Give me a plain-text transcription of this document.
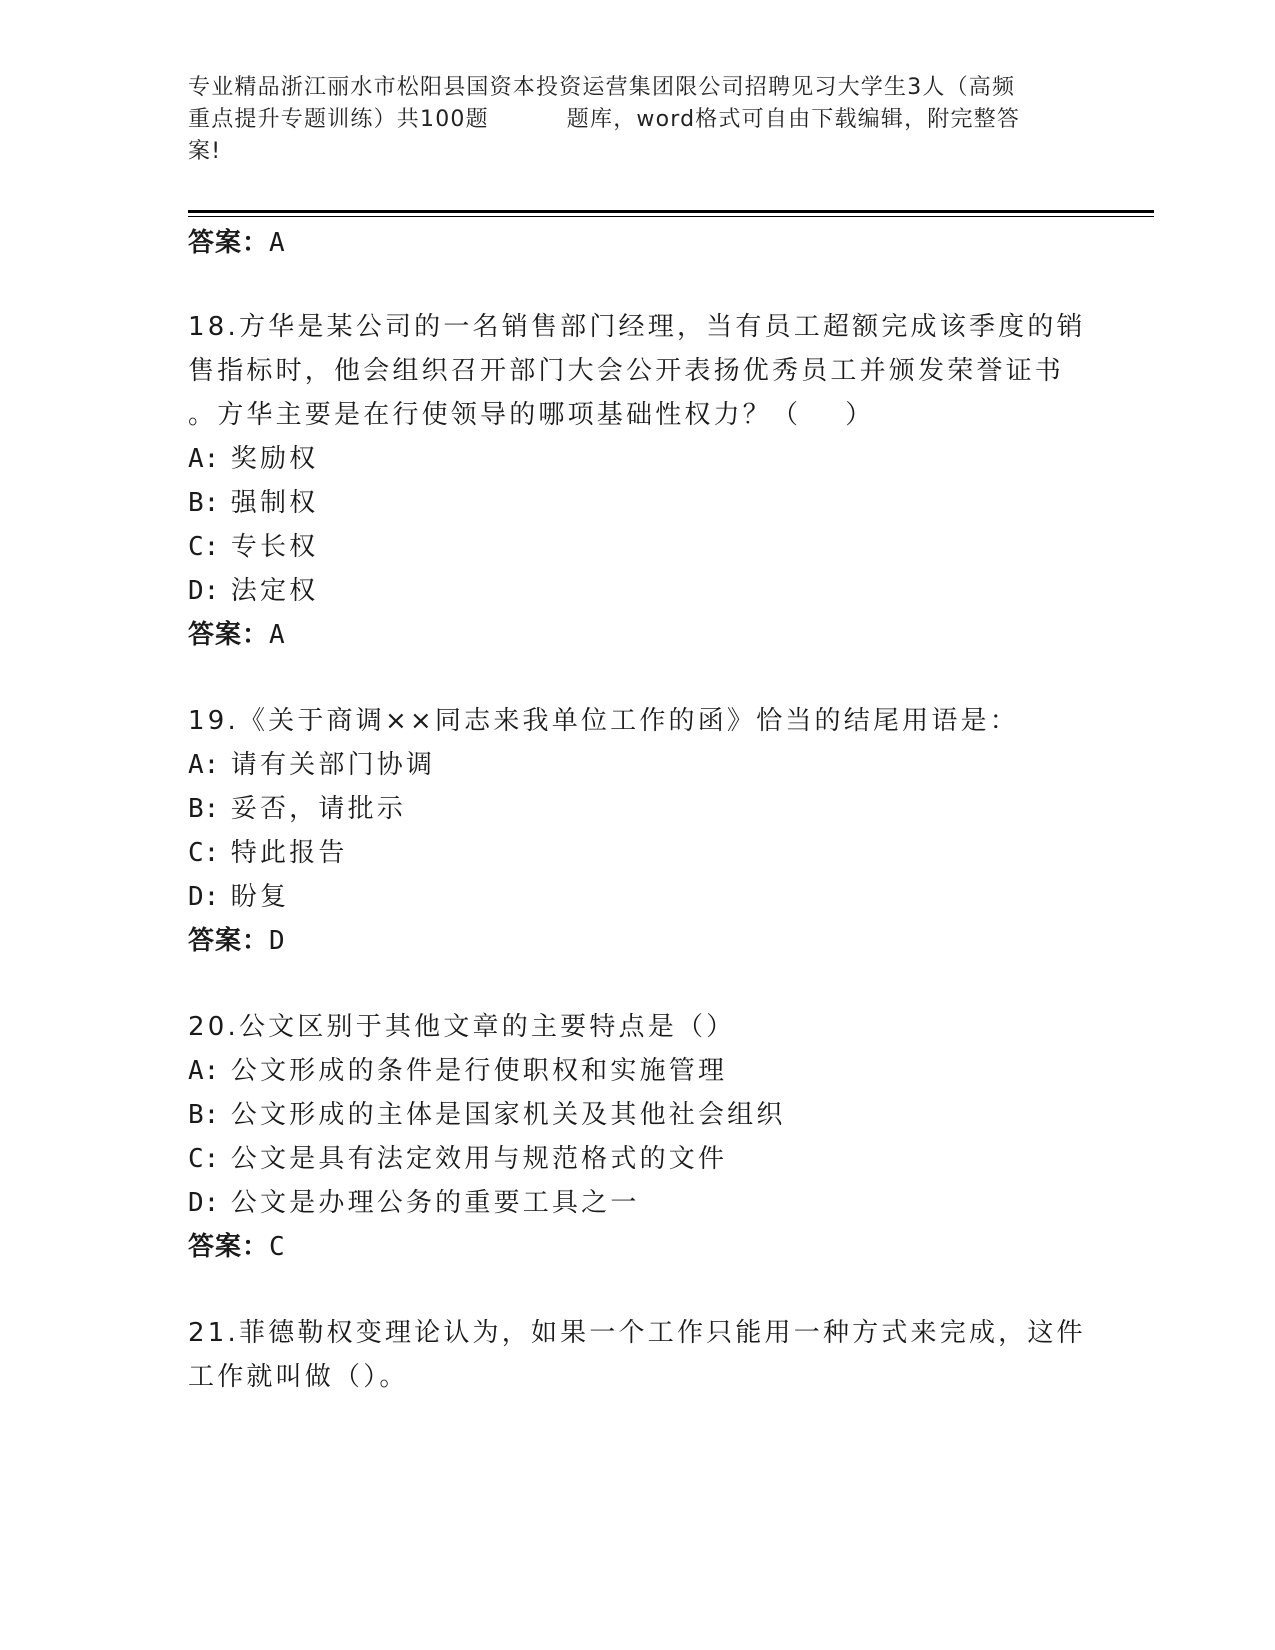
专业精品浙江丽水市松阳县国资本投资运营集团限公司招聘见习大学生3人（高频
重点提升专题训练）共100题	题库，word格式可自由下载编辑，附完整答
案!
答案：A
18.方华是某公司的一名销售部门经理，当有员工超额完成该季度的销
售指标时，他会组织召开部门大会公开表扬优秀员工并颁发荣誉证书
。方华主要是在行使领导的哪项基础性权力？（ ）
A: 奖励权
B: 强制权
C: 专长权
D: 法定权
答案：A
19.《关于商调××同志来我单位工作的函》恰当的结尾用语是：
A: 请有关部门协调
B: 妥否，请批示
C: 特此报告
D: 盼复
答案：D
20.公文区别于其他文章的主要特点是（）
A: 公文形成的条件是行使职权和实施管理
B: 公文形成的主体是国家机关及其他社会组织
C: 公文是具有法定效用与规范格式的文件
D: 公文是办理公务的重要工具之一
答案：C
21.菲德勒权变理论认为，如果一个工作只能用一种方式来完成，这件
工作就叫做（）。
